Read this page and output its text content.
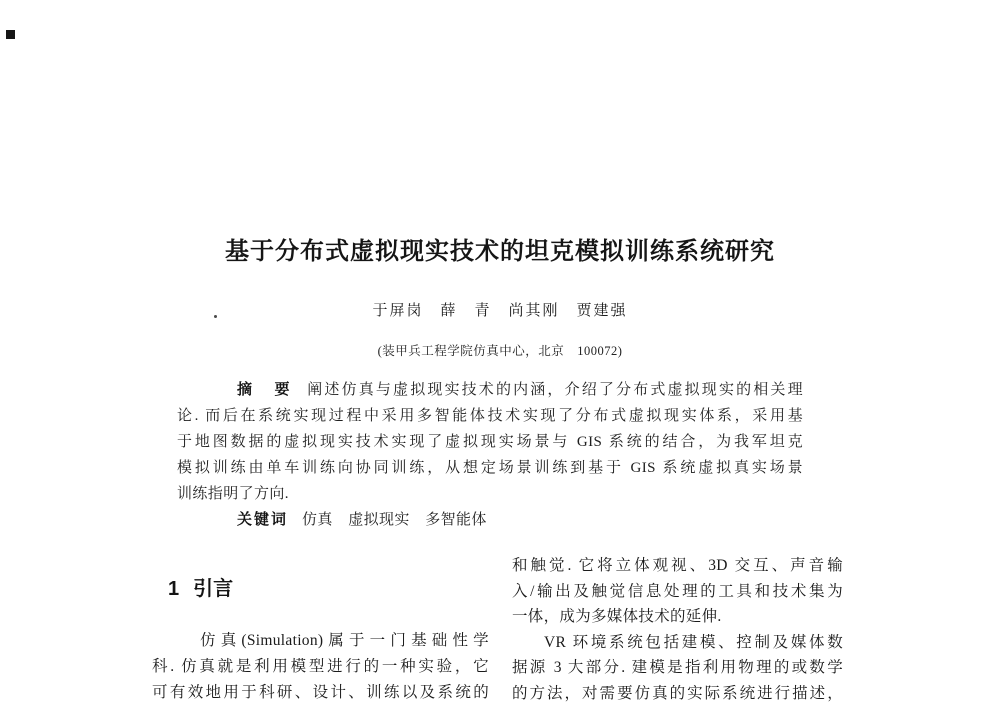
基于分布式虚拟现实技术的坦克模拟训练系统研究
于屏岗　薛　青　尚其刚　贾建强
(装甲兵工程学院仿真中心，北京　100072)
摘　要 阐述仿真与虚拟现实技术的内涵，介绍了分布式虚拟现实的相关理
论. 而后在系统实现过程中采用多智能体技术实现了分布式虚拟现实体系，采用基
于地图数据的虚拟现实技术实现了虚拟现实场景与 GIS 系统的结合，为我军坦克
模拟训练由单车训练向协同训练，从想定场景训练到基于 GIS 系统虚拟真实场景
训练指明了方向.
关键词 仿真　虚拟现实　多智能体
1 引言
仿真(Simulation)属于一门基础性学
科. 仿真就是利用模型进行的一种实验，它
可有效地用于科研、设计、训练以及系统的
和触觉. 它将立体观视、3D 交互、声音输
入/输出及触觉信息处理的工具和技术集为
一体，成为多媒体技术的延伸.
VR 环境系统包括建模、控制及媒体数
据源 3 大部分. 建模是指利用物理的或数学
的方法，对需要仿真的实际系统进行描述，
